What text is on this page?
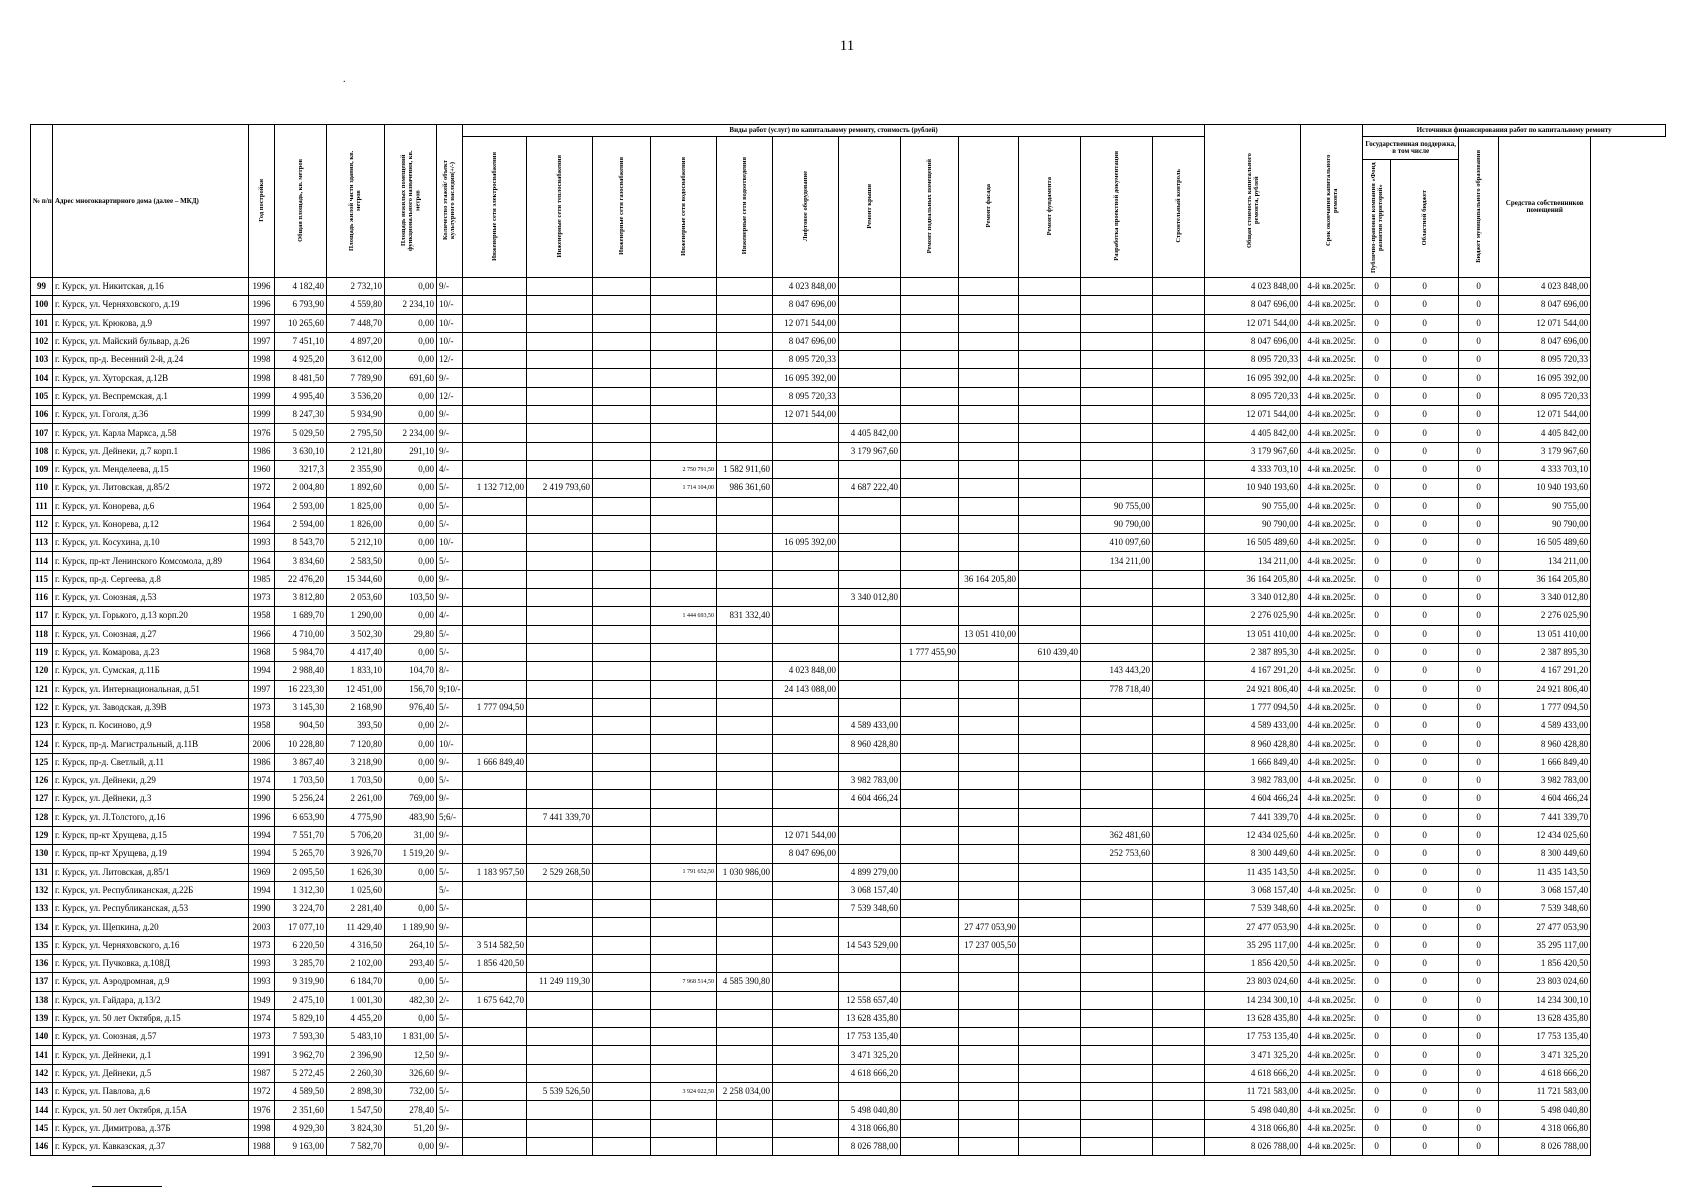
11
.
№ п/п	Адрес многоквартирного дома (далее – МКД)	Год постройки	Общая площадь, кв. метров	Площадь жилой части здания, кв. метров	Площадь нежилых помещений функционального назначения, кв. метров	Количество этажей/ объект культурного наследия(+/-)	Виды работ (услуг) по капитальному ремонту, стоимость (рублей)												Общая стоимость капитального ремонта, рублей	Срок окончания капитального ремонта	Источники финансирования работ по капитальному ремонту			
							Инженерные сети электроснабжения	Инженерные сети теплоснабжения	Инженерные сети газоснабжения	Инженерные сети водоснабжения	Инженерные сети водоотведения	Лифтовое оборудование	Ремонт крыши	Ремонт подвальных помещений	Ремонт фасада	Ремонт фундамента	Разработка проектной документации	Строительный контроль			Государственная поддержка, в том числе		Бюджет муниципального образования	Средства собственников помещений
																					Публично-правовая компания «Фонд развития территорий»	Областной бюджет		
99	г. Курск, ул. Никитская, д.16	1996	4 182,40	2 732,10	0,00	9/-						4 023 848,00							4 023 848,00	4-й кв.2025г.	0	0	0	4 023 848,00
100	г. Курск, ул. Черняховского, д.19	1996	6 793,90	4 559,80	2 234,10	10/-						8 047 696,00							8 047 696,00	4-й кв.2025г.	0	0	0	8 047 696,00
101	г. Курск, ул. Крюкова, д.9	1997	10 265,60	7 448,70	0,00	10/-						12 071 544,00							12 071 544,00	4-й кв.2025г.	0	0	0	12 071 544,00
102	г. Курск, ул. Майский бульвар, д.26	1997	7 451,10	4 897,20	0,00	10/-						8 047 696,00							8 047 696,00	4-й кв.2025г.	0	0	0	8 047 696,00
103	г. Курск, пр-д. Весенний 2-й, д.24	1998	4 925,20	3 612,00	0,00	12/-						8 095 720,33							8 095 720,33	4-й кв.2025г.	0	0	0	8 095 720,33
104	г. Курск, ул. Хуторская, д.12В	1998	8 481,50	7 789,90	691,60	9/-						16 095 392,00							16 095 392,00	4-й кв.2025г.	0	0	0	16 095 392,00
105	г. Курск, ул. Веспремская, д.1	1999	4 995,40	3 536,20	0,00	12/-						8 095 720,33							8 095 720,33	4-й кв.2025г.	0	0	0	8 095 720,33
106	г. Курск, ул. Гоголя, д.36	1999	8 247,30	5 934,90	0,00	9/-						12 071 544,00							12 071 544,00	4-й кв.2025г.	0	0	0	12 071 544,00
107	г. Курск, ул. Карла Маркса, д.58	1976	5 029,50	2 795,50	2 234,00	9/-							4 405 842,00						4 405 842,00	4-й кв.2025г.	0	0	0	4 405 842,00
108	г. Курск, ул. Дейнеки, д.7 корп.1	1986	3 630,10	2 121,80	291,10	9/-							3 179 967,60						3 179 967,60	4-й кв.2025г.	0	0	0	3 179 967,60
109	г. Курск, ул. Менделеева, д.15	1960	3217,3	2 355,90	0,00	4/-				2 750 791,50	1 582 911,60								4 333 703,10	4-й кв.2025г.	0	0	0	4 333 703,10
110	г. Курск, ул. Литовская, д.85/2	1972	2 004,80	1 892,60	0,00	5/-	1 132 712,00	2 419 793,60		1 714 104,00	986 361,60		4 687 222,40						10 940 193,60	4-й кв.2025г.	0	0	0	10 940 193,60
111	г. Курск, ул. Конорева, д.6	1964	2 593,00	1 825,00	0,00	5/-											90 755,00		90 755,00	4-й кв.2025г.	0	0	0	90 755,00
112	г. Курск, ул. Конорева, д.12	1964	2 594,00	1 826,00	0,00	5/-											90 790,00		90 790,00	4-й кв.2025г.	0	0	0	90 790,00
113	г. Курск, ул. Косухина, д.10	1993	8 543,70	5 212,10	0,00	10/-						16 095 392,00					410 097,60		16 505 489,60	4-й кв.2025г.	0	0	0	16 505 489,60
114	г. Курск, пр-кт Ленинского Комсомола, д.89	1964	3 834,60	2 583,50	0,00	5/-											134 211,00		134 211,00	4-й кв.2025г.	0	0	0	134 211,00
115	г. Курск, пр-д. Сергеева, д.8	1985	22 476,20	15 344,60	0,00	9/-									36 164 205,80				36 164 205,80	4-й кв.2025г.	0	0	0	36 164 205,80
116	г. Курск, ул. Союзная, д.53	1973	3 812,80	2 053,60	103,50	9/-							3 340 012,80						3 340 012,80	4-й кв.2025г.	0	0	0	3 340 012,80
117	г. Курск, ул. Горького, д.13 корп.20	1958	1 689,70	1 290,00	0,00	4/-				1 444 693,50	831 332,40								2 276 025,90	4-й кв.2025г.	0	0	0	2 276 025,90
118	г. Курск, ул. Союзная, д.27	1966	4 710,00	3 502,30	29,80	5/-									13 051 410,00				13 051 410,00	4-й кв.2025г.	0	0	0	13 051 410,00
119	г. Курск, ул. Комарова, д.23	1968	5 984,70	4 417,40	0,00	5/-								1 777 455,90		610 439,40			2 387 895,30	4-й кв.2025г.	0	0	0	2 387 895,30
120	г. Курск, ул. Сумская, д.11Б	1994	2 988,40	1 833,10	104,70	8/-						4 023 848,00					143 443,20		4 167 291,20	4-й кв.2025г.	0	0	0	4 167 291,20
121	г. Курск, ул. Интернациональная, д.51	1997	16 223,30	12 451,00	156,70	9;10/-						24 143 088,00					778 718,40		24 921 806,40	4-й кв.2025г.	0	0	0	24 921 806,40
122	г. Курск, ул. Заводская, д.39В	1973	3 145,30	2 168,90	976,40	5/-	1 777 094,50												1 777 094,50	4-й кв.2025г.	0	0	0	1 777 094,50
123	г. Курск, п. Косиново, д.9	1958	904,50	393,50	0,00	2/-							4 589 433,00						4 589 433,00	4-й кв.2025г.	0	0	0	4 589 433,00
124	г. Курск, пр-д. Магистральный, д.11В	2006	10 228,80	7 120,80	0,00	10/-							8 960 428,80						8 960 428,80	4-й кв.2025г.	0	0	0	8 960 428,80
125	г. Курск, пр-д. Светлый, д.11	1986	3 867,40	3 218,90	0,00	9/-	1 666 849,40												1 666 849,40	4-й кв.2025г.	0	0	0	1 666 849,40
126	г. Курск, ул. Дейнеки, д.29	1974	1 703,50	1 703,50	0,00	5/-							3 982 783,00						3 982 783,00	4-й кв.2025г.	0	0	0	3 982 783,00
127	г. Курск, ул. Дейнеки, д.3	1990	5 256,24	2 261,00	769,00	9/-							4 604 466,24						4 604 466,24	4-й кв.2025г.	0	0	0	4 604 466,24
128	г. Курск, ул. Л.Толстого, д.16	1996	6 653,90	4 775,90	483,90	5;6/-		7 441 339,70											7 441 339,70	4-й кв.2025г.	0	0	0	7 441 339,70
129	г. Курск, пр-кт Хрущева, д.15	1994	7 551,70	5 706,20	31,00	9/-						12 071 544,00					362 481,60		12 434 025,60	4-й кв.2025г.	0	0	0	12 434 025,60
130	г. Курск, пр-кт Хрущева, д.19	1994	5 265,70	3 926,70	1 519,20	9/-						8 047 696,00					252 753,60		8 300 449,60	4-й кв.2025г.	0	0	0	8 300 449,60
131	г. Курск, ул. Литовская, д.85/1	1969	2 095,50	1 626,30	0,00	5/-	1 183 957,50	2 529 268,50		1 791 652,50	1 030 986,00		4 899 279,00						11 435 143,50	4-й кв.2025г.	0	0	0	11 435 143,50
132	г. Курск, ул. Республиканская, д.22Б	1994	1 312,30	1 025,60		5/-							3 068 157,40						3 068 157,40	4-й кв.2025г.	0	0	0	3 068 157,40
133	г. Курск, ул. Республиканская, д.53	1990	3 224,70	2 281,40	0,00	5/-							7 539 348,60						7 539 348,60	4-й кв.2025г.	0	0	0	7 539 348,60
134	г. Курск, ул. Щепкина, д.20	2003	17 077,10	11 429,40	1 189,90	9/-									27 477 053,90				27 477 053,90	4-й кв.2025г.	0	0	0	27 477 053,90
135	г. Курск, ул. Черняховского, д.16	1973	6 220,50	4 316,50	264,10	5/-	3 514 582,50						14 543 529,00		17 237 005,50				35 295 117,00	4-й кв.2025г.	0	0	0	35 295 117,00
136	г. Курск, ул. Пучковка, д.108Д	1993	3 285,70	2 102,00	293,40	5/-	1 856 420,50												1 856 420,50	4-й кв.2025г.	0	0	0	1 856 420,50
137	г. Курск, ул. Аэродромная, д.9	1993	9 319,90	6 184,70	0,00	5/-		11 249 119,30		7 968 514,50	4 585 390,80								23 803 024,60	4-й кв.2025г.	0	0	0	23 803 024,60
138	г. Курск, ул. Гайдара, д.13/2	1949	2 475,10	1 001,30	482,30	2/-	1 675 642,70						12 558 657,40						14 234 300,10	4-й кв.2025г.	0	0	0	14 234 300,10
139	г. Курск, ул. 50 лет Октября, д.15	1974	5 829,10	4 455,20	0,00	5/-							13 628 435,80						13 628 435,80	4-й кв.2025г.	0	0	0	13 628 435,80
140	г. Курск, ул. Союзная, д.57	1973	7 593,30	5 483,10	1 831,00	5/-							17 753 135,40						17 753 135,40	4-й кв.2025г.	0	0	0	17 753 135,40
141	г. Курск, ул. Дейнеки, д.1	1991	3 962,70	2 396,90	12,50	9/-							3 471 325,20						3 471 325,20	4-й кв.2025г.	0	0	0	3 471 325,20
142	г. Курск, ул. Дейнеки, д.5	1987	5 272,45	2 260,30	326,60	9/-							4 618 666,20						4 618 666,20	4-й кв.2025г.	0	0	0	4 618 666,20
143	г. Курск, ул. Павлова, д.6	1972	4 589,50	2 898,30	732,00	5/-		5 539 526,50		3 924 022,50	2 258 034,00								11 721 583,00	4-й кв.2025г.	0	0	0	11 721 583,00
144	г. Курск, ул. 50 лет Октября, д.15А	1976	2 351,60	1 547,50	278,40	5/-							5 498 040,80						5 498 040,80	4-й кв.2025г.	0	0	0	5 498 040,80
145	г. Курск, ул. Димитрова, д.37Б	1998	4 929,30	3 824,30	51,20	9/-							4 318 066,80						4 318 066,80	4-й кв.2025г.	0	0	0	4 318 066,80
146	г. Курск, ул. Кавказская, д.37	1988	9 163,00	7 582,70	0,00	9/-							8 026 788,00						8 026 788,00	4-й кв.2025г.	0	0	0	8 026 788,00
